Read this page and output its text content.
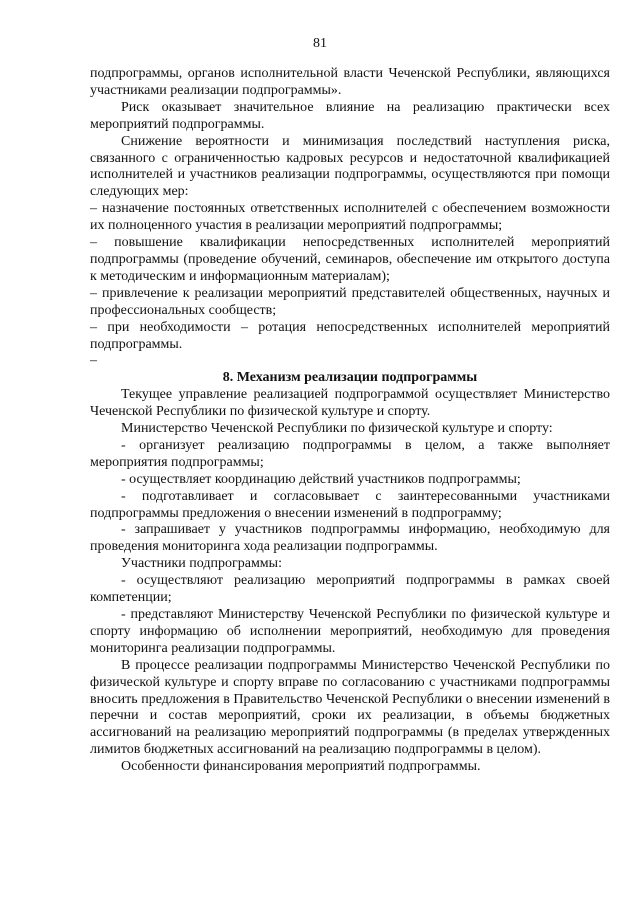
81

подпрограммы, органов исполнительной власти Чеченской Республики, являющихся участниками реализации подпрограммы».

Риск оказывает значительное влияние на реализацию практически всех мероприятий подпрограммы.

Снижение вероятности и минимизация последствий наступления риска, связанного с ограниченностью кадровых ресурсов и недостаточной квалификацией исполнителей и участников реализации подпрограммы, осуществляются при помощи следующих мер:

– назначение постоянных ответственных исполнителей с обеспечением возможности их полноценного участия в реализации мероприятий подпрограммы;

– повышение квалификации непосредственных исполнителей мероприятий подпрограммы (проведение обучений, семинаров, обеспечение им открытого доступа к методическим и информационным материалам);

– привлечение к реализации мероприятий представителей общественных, научных и профессиональных сообществ;

– при необходимости – ротация непосредственных исполнителей мероприятий подпрограммы.

–

8. Механизм реализации подпрограммы

Текущее управление реализацией подпрограммой осуществляет Министерство Чеченской Республики по физической культуре и спорту.

Министерство Чеченской Республики по физической культуре и спорту:

- организует реализацию подпрограммы в целом, а также выполняет мероприятия подпрограммы;

- осуществляет координацию действий участников подпрограммы;

- подготавливает и согласовывает с заинтересованными участниками подпрограммы предложения о внесении изменений в подпрограмму;

- запрашивает у участников подпрограммы информацию, необходимую для проведения мониторинга хода реализации подпрограммы.

Участники подпрограммы:

- осуществляют реализацию мероприятий подпрограммы в рамках своей компетенции;

- представляют Министерству Чеченской Республики по физической культуре и спорту информацию об исполнении мероприятий, необходимую для проведения мониторинга реализации подпрограммы.

В процессе реализации подпрограммы Министерство Чеченской Республики по физической культуре и спорту вправе по согласованию с участниками подпрограммы вносить предложения в Правительство Чеченской Республики о внесении изменений в перечни и состав мероприятий, сроки их реализации, в объемы бюджетных ассигнований на реализацию мероприятий подпрограммы (в пределах утвержденных лимитов бюджетных ассигнований на реализацию подпрограммы в целом).

Особенности финансирования мероприятий подпрограммы.
